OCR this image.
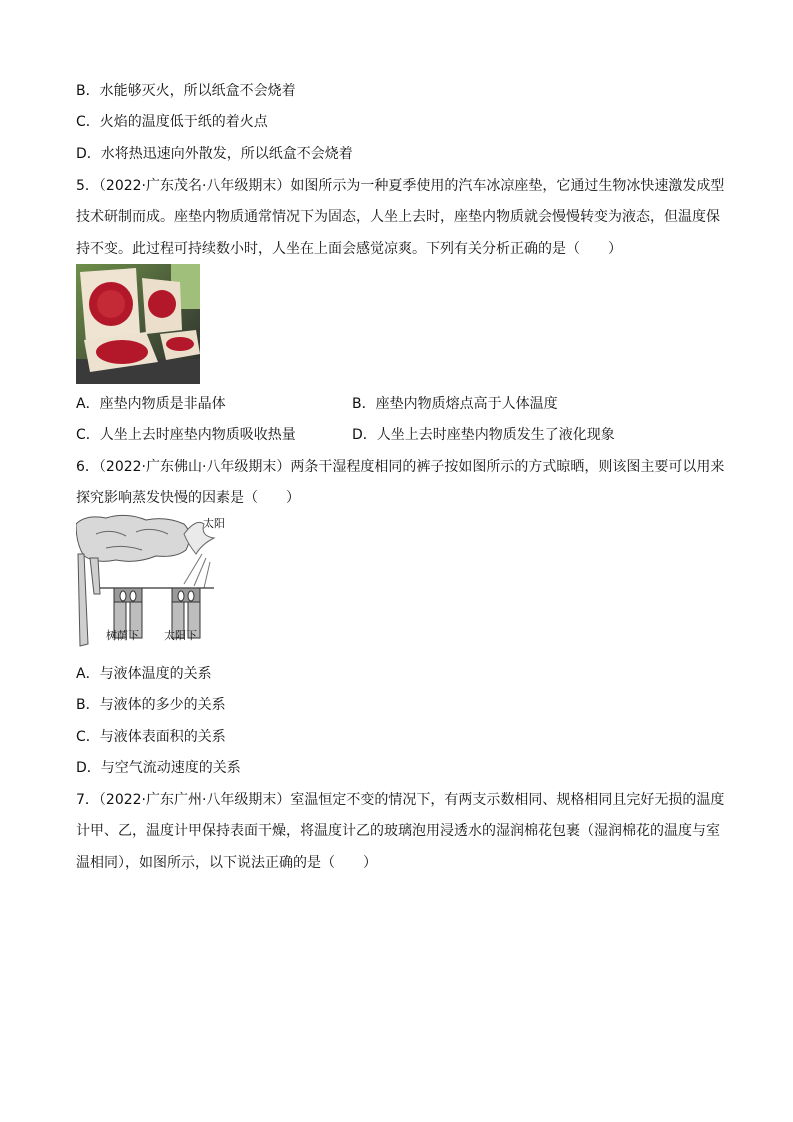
B．水能够灭火，所以纸盒不会烧着
C．火焰的温度低于纸的着火点
D．水将热迅速向外散发，所以纸盒不会烧着
5．（2022·广东茂名·八年级期末）如图所示为一种夏季使用的汽车冰凉座垫，它通过生物冰快速激发成型
技术研制而成。座垫内物质通常情况下为固态，人坐上去时，座垫内物质就会慢慢转变为液态，但温度保
持不变。此过程可持续数小时，人坐在上面会感觉凉爽。下列有关分析正确的是（　　）
A．座垫内物质是非晶体	B．座垫内物质熔点高于人体温度
C．人坐上去时座垫内物质吸收热量	D．人坐上去时座垫内物质发生了液化现象
6．（2022·广东佛山·八年级期末）两条干湿程度相同的裤子按如图所示的方式晾晒，则该图主要可以用来
探究影响蒸发快慢的因素是（　　）
太阳
树荫下 太阳下
A．与液体温度的关系
B．与液体的多少的关系
C．与液体表面积的关系
D．与空气流动速度的关系
7．（2022·广东广州·八年级期末）室温恒定不变的情况下，有两支示数相同、规格相同且完好无损的温度
计甲、乙，温度计甲保持表面干燥，将温度计乙的玻璃泡用浸透水的湿润棉花包裹（湿润棉花的温度与室
温相同），如图所示，以下说法正确的是（　　）
